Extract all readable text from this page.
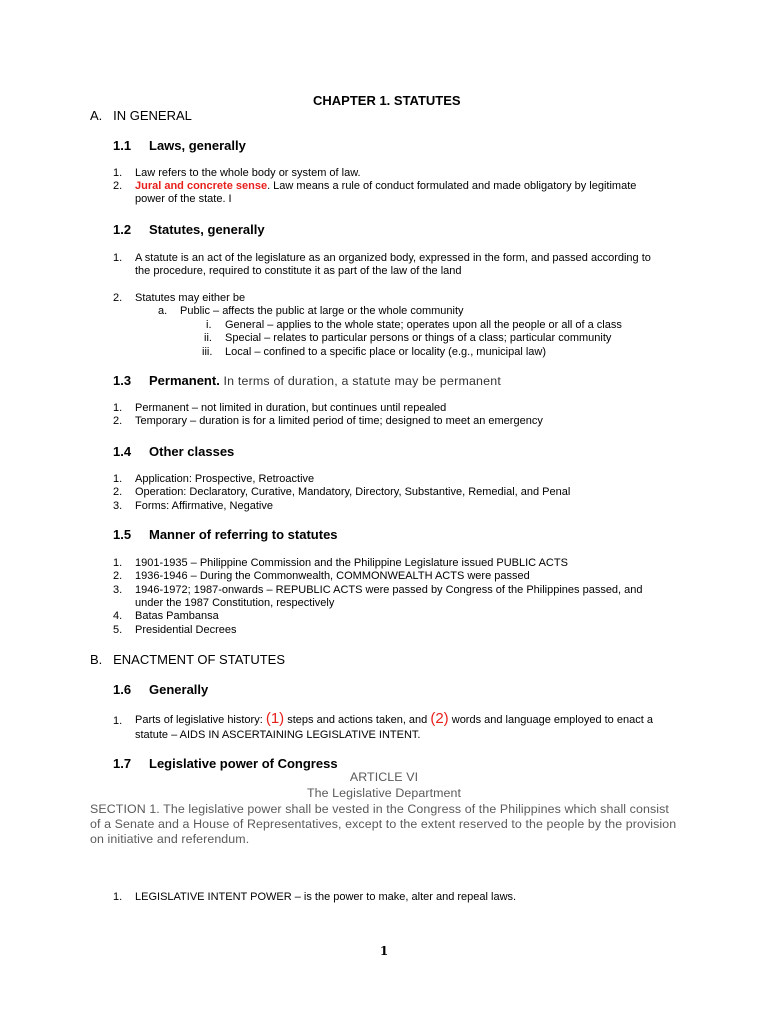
CHAPTER 1. STATUTES
A.   IN GENERAL
1.1 Laws, generally
1. Law refers to the whole body or system of law.
2. Jural and concrete sense. Law means a rule of conduct formulated and made obligatory by legitimate
power of the state. I
1.2 Statutes, generally
1. A statute is an act of the legislature as an organized body, expressed in the form, and passed according to
the procedure, required to constitute it as part of the law of the land
2. Statutes may either be
a. Public – affects the public at large or the whole community
i. General – applies to the whole state; operates upon all the people or all of a class
ii. Special – relates to particular persons or things of a class; particular community
iii. Local – confined to a specific place or locality (e.g., municipal law)
1.3 Permanent. In terms of duration, a statute may be permanent
1. Permanent – not limited in duration, but continues until repealed
2. Temporary – duration is for a limited period of time; designed to meet an emergency
1.4 Other classes
1. Application: Prospective, Retroactive
2. Operation: Declaratory, Curative, Mandatory, Directory, Substantive, Remedial, and Penal
3. Forms: Affirmative, Negative
1.5 Manner of referring to statutes
1. 1901-1935 – Philippine Commission and the Philippine Legislature issued PUBLIC ACTS
2. 1936-1946 – During the Commonwealth, COMMONWEALTH ACTS were passed
3. 1946-1972; 1987-onwards – REPUBLIC ACTS were passed by Congress of the Philippines passed, and
under the 1987 Constitution, respectively
4. Batas Pambansa
5. Presidential Decrees
B.   ENACTMENT OF STATUTES
1.6 Generally
1. Parts of legislative history: (1) steps and actions taken, and (2) words and language employed to enact a
statute – AIDS IN ASCERTAINING LEGISLATIVE INTENT.
1.7 Legislative power of Congress
ARTICLE VI
The Legislative Department
SECTION 1. The legislative power shall be vested in the Congress of the Philippines which shall consist
of a Senate and a House of Representatives, except to the extent reserved to the people by the provision
on initiative and referendum.
1. LEGISLATIVE INTENT POWER – is the power to make, alter and repeal laws.
1
